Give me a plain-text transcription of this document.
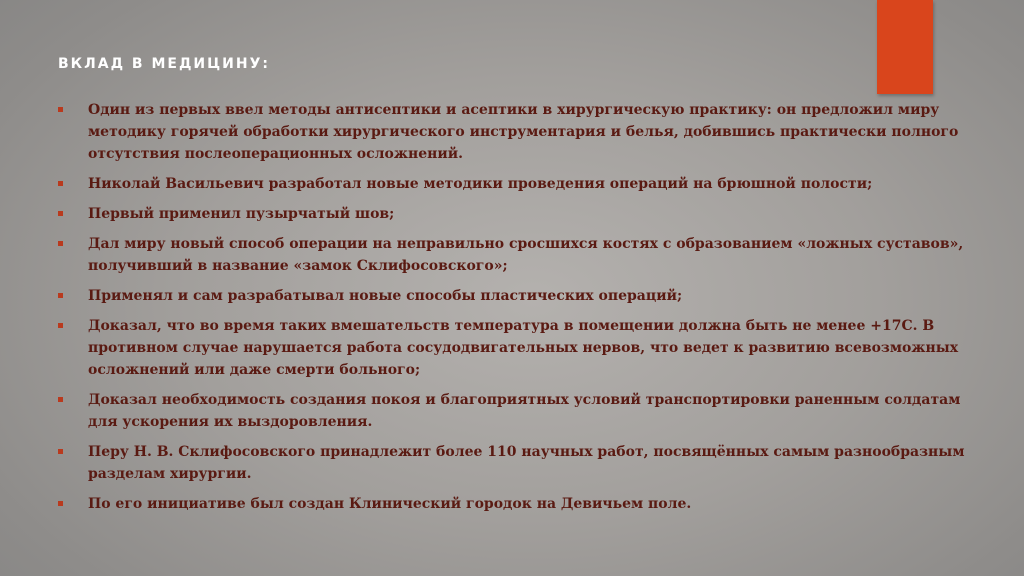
ВКЛАД В МЕДИЦИНУ:
Один из первых ввел методы антисептики и асептики в хирургическую практику: он предложил миру методику горячей обработки хирургического инструментария и белья, добившись практически полного отсутствия послеоперационных осложнений.
Николай Васильевич разработал новые методики проведения операций на брюшной полости;
Первый применил пузырчатый шов;
Дал миру новый способ операции на неправильно сросшихся костях с образованием «ложных суставов», получивший в название «замок Склифосовского»;
Применял и сам разрабатывал новые способы пластических операций;
Доказал, что во время таких вмешательств температура в помещении должна быть не менее +17С. В противном случае нарушается работа сосудодвигательных нервов, что ведет к развитию всевозможных осложнений или даже смерти больного;
Доказал необходимость создания покоя и благоприятных условий транспортировки раненным солдатам для ускорения их выздоровления.
Перу Н. В. Склифосовского принадлежит более 110 научных работ, посвящённых самым разнообразным разделам хирургии.
По его инициативе был создан Клинический городок на Девичьем поле.
